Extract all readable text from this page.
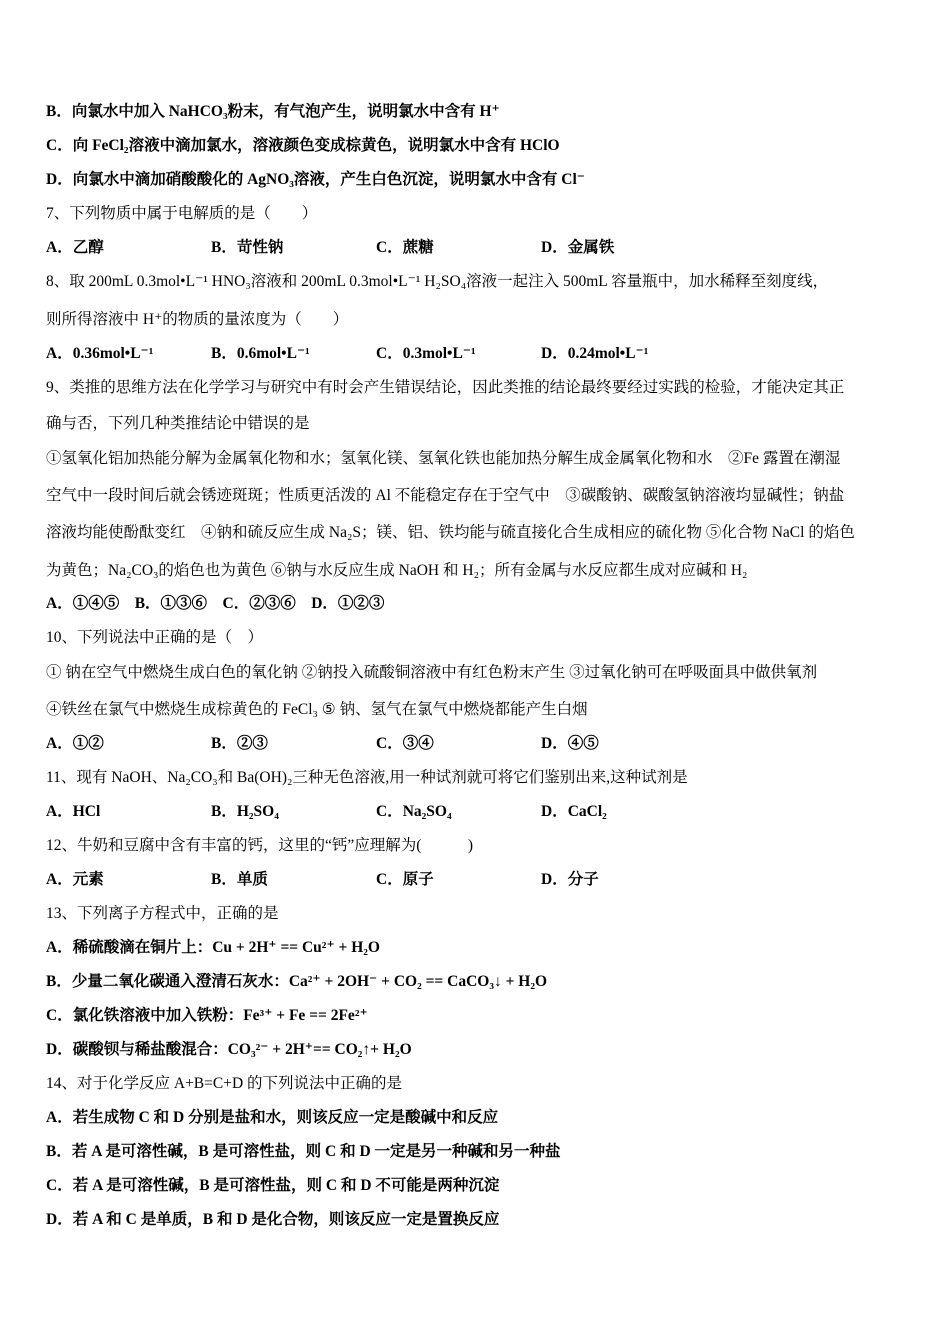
B．向氯水中加入 NaHCO₃粉末，有气泡产生，说明氯水中含有 H⁺
C．向 FeCl₂溶液中滴加氯水，溶液颜色变成棕黄色，说明氯水中含有 HClO
D．向氯水中滴加硝酸酸化的 AgNO₃溶液，产生白色沉淀，说明氯水中含有 Cl⁻
7、下列物质中属于电解质的是（　　）
A．乙醇	B．苛性钠	C．蔗糖	D．金属铁
8、取 200mL 0.3mol•L⁻¹ HNO₃溶液和 200mL 0.3mol•L⁻¹ H₂SO₄溶液一起注入 500mL 容量瓶中，加水稀释至刻度线，
则所得溶液中 H⁺的物质的量浓度为（　　）
A．0.36mol•L⁻¹	B．0.6mol•L⁻¹	C．0.3mol•L⁻¹	D．0.24mol•L⁻¹
9、类推的思维方法在化学学习与研究中有时会产生错误结论，因此类推的结论最终要经过实践的检验，才能决定其正
确与否，下列几种类推结论中错误的是
①氢氧化铝加热能分解为金属氧化物和水；氢氧化镁、氢氧化铁也能加热分解生成金属氧化物和水　②Fe 露置在潮湿
空气中一段时间后就会锈迹斑斑；性质更活泼的 Al 不能稳定存在于空气中　③碳酸钠、碳酸氢钠溶液均显碱性；钠盐
溶液均能使酚酞变红　④钠和硫反应生成 Na₂S；镁、铝、铁均能与硫直接化合生成相应的硫化物 ⑤化合物 NaCl 的焰色
为黄色；Na₂CO₃的焰色也为黄色 ⑥钠与水反应生成 NaOH 和 H₂；所有金属与水反应都生成对应碱和 H₂
A．①④⑤　B．①③⑥　C．②③⑥　D．①②③
10、下列说法中正确的是（　）
① 钠在空气中燃烧生成白色的氧化钠 ②钠投入硫酸铜溶液中有红色粉末产生 ③过氧化钠可在呼吸面具中做供氧剂
④铁丝在氯气中燃烧生成棕黄色的 FeCl₃ ⑤ 钠、氢气在氯气中燃烧都能产生白烟
A．①②	B．②③	C．③④	D．④⑤
11、现有 NaOH、Na₂CO₃和 Ba(OH)₂三种无色溶液,用一种试剂就可将它们鉴别出来,这种试剂是
A．HCl	B．H₂SO₄	C．Na₂SO₄	D．CaCl₂
12、牛奶和豆腐中含有丰富的钙，这里的“钙”应理解为(　　　)
A．元素	B．单质	C．原子	D．分子
13、下列离子方程式中，正确的是
A．稀硫酸滴在铜片上：Cu + 2H⁺ == Cu²⁺ + H₂O
B．少量二氧化碳通入澄清石灰水：Ca²⁺ + 2OH⁻ + CO₂ == CaCO₃↓ + H₂O
C．氯化铁溶液中加入铁粉：Fe³⁺ + Fe == 2Fe²⁺
D．碳酸钡与稀盐酸混合：CO₃²⁻ + 2H⁺== CO₂↑+ H₂O
14、对于化学反应 A+B=C+D 的下列说法中正确的是
A．若生成物 C 和 D 分别是盐和水，则该反应一定是酸碱中和反应
B．若 A 是可溶性碱，B 是可溶性盐，则 C 和 D 一定是另一种碱和另一种盐
C．若 A 是可溶性碱，B 是可溶性盐，则 C 和 D 不可能是两种沉淀
D．若 A 和 C 是单质，B 和 D 是化合物，则该反应一定是置换反应
